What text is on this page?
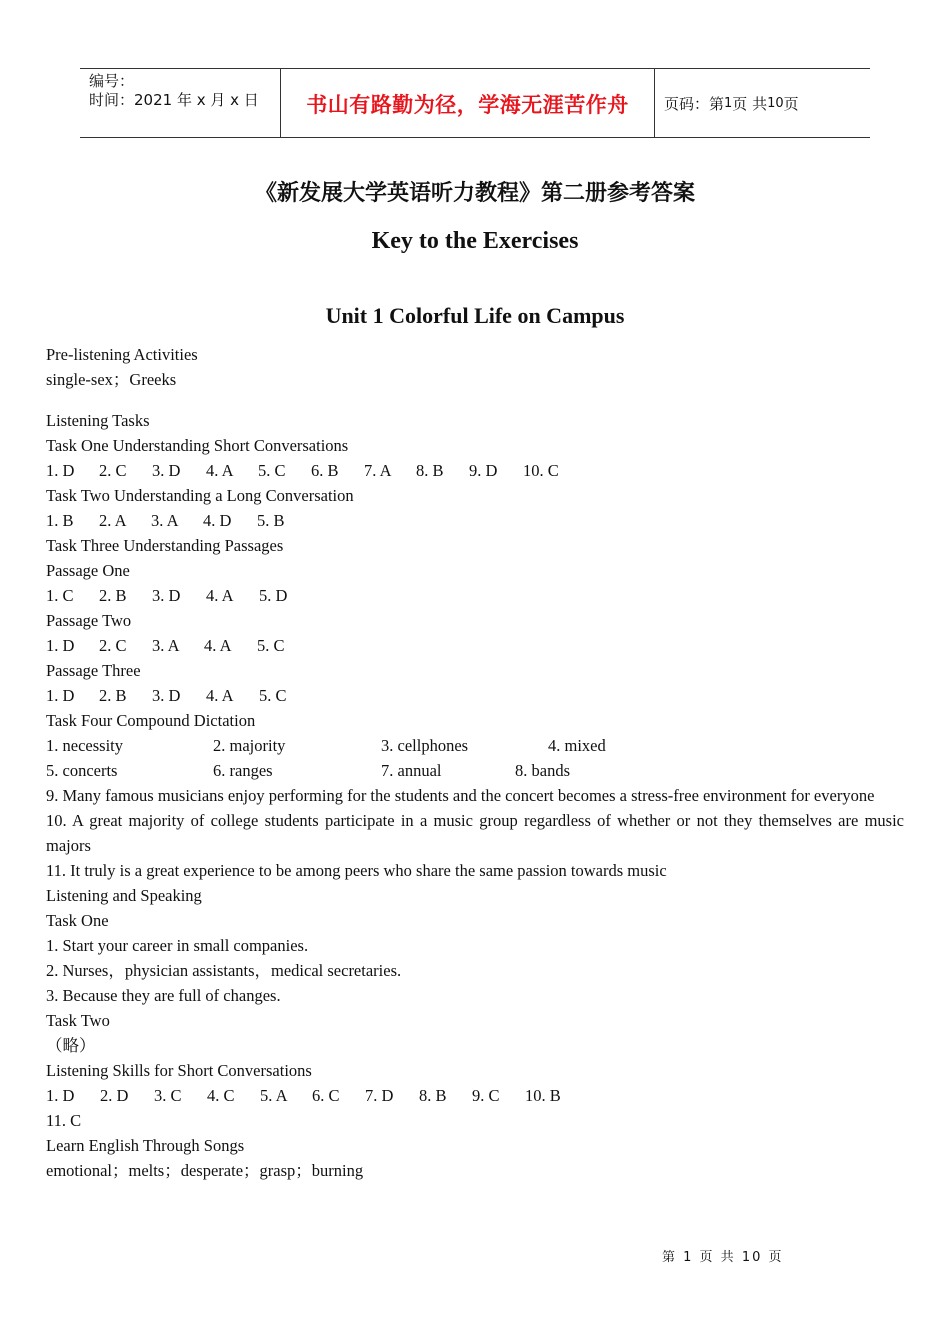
编号：
时间：2021 年 x 月 x 日	书山有路勤为径，学海无涯苦作舟 页码：第 1 页 共 10 页
《新发展大学英语听力教程》第二册参考答案
Key to the Exercises
Unit 1 Colorful Life on Campus
Pre-listening Activities
single-sex；Greeks
Listening Tasks
Task One Understanding Short Conversations
1. D 2. C 3. D 4. A 5. C 6. B 7. A 8. B 9. D 10. C
Task Two Understanding a Long Conversation
1. B 2. A 3. A 4. D 5. B
Task Three Understanding Passages
Passage One
1. C 2. B 3. D 4. A 5. D
Passage Two
1. D 2. C 3. A 4. A 5. C
Passage Three
1. D 2. B 3. D 4. A 5. C
Task Four Compound Dictation
1. necessity	2. majority	3. cellphones	4. mixed
5. concerts	6. ranges	7. annual	8. bands
9. Many famous musicians enjoy performing for the students and the concert becomes a stress-free environment for everyone
10. A great majority of college students participate in a music group regardless of whether or not they themselves are music majors
11. It truly is a great experience to be among peers who share the same passion towards music
Listening and Speaking
Task One
1. Start your career in small companies.
2. Nurses，physician assistants，medical secretaries.
3. Because they are full of changes.
Task Two
（略）
Listening Skills for Short Conversations
1. D 2. D 3. C 4. C 5. A 6. C 7. D 8. B 9. C 10. B
11. C
Learn English Through Songs
emotional；melts；desperate；grasp；burning
第 1 页 共 10 页
